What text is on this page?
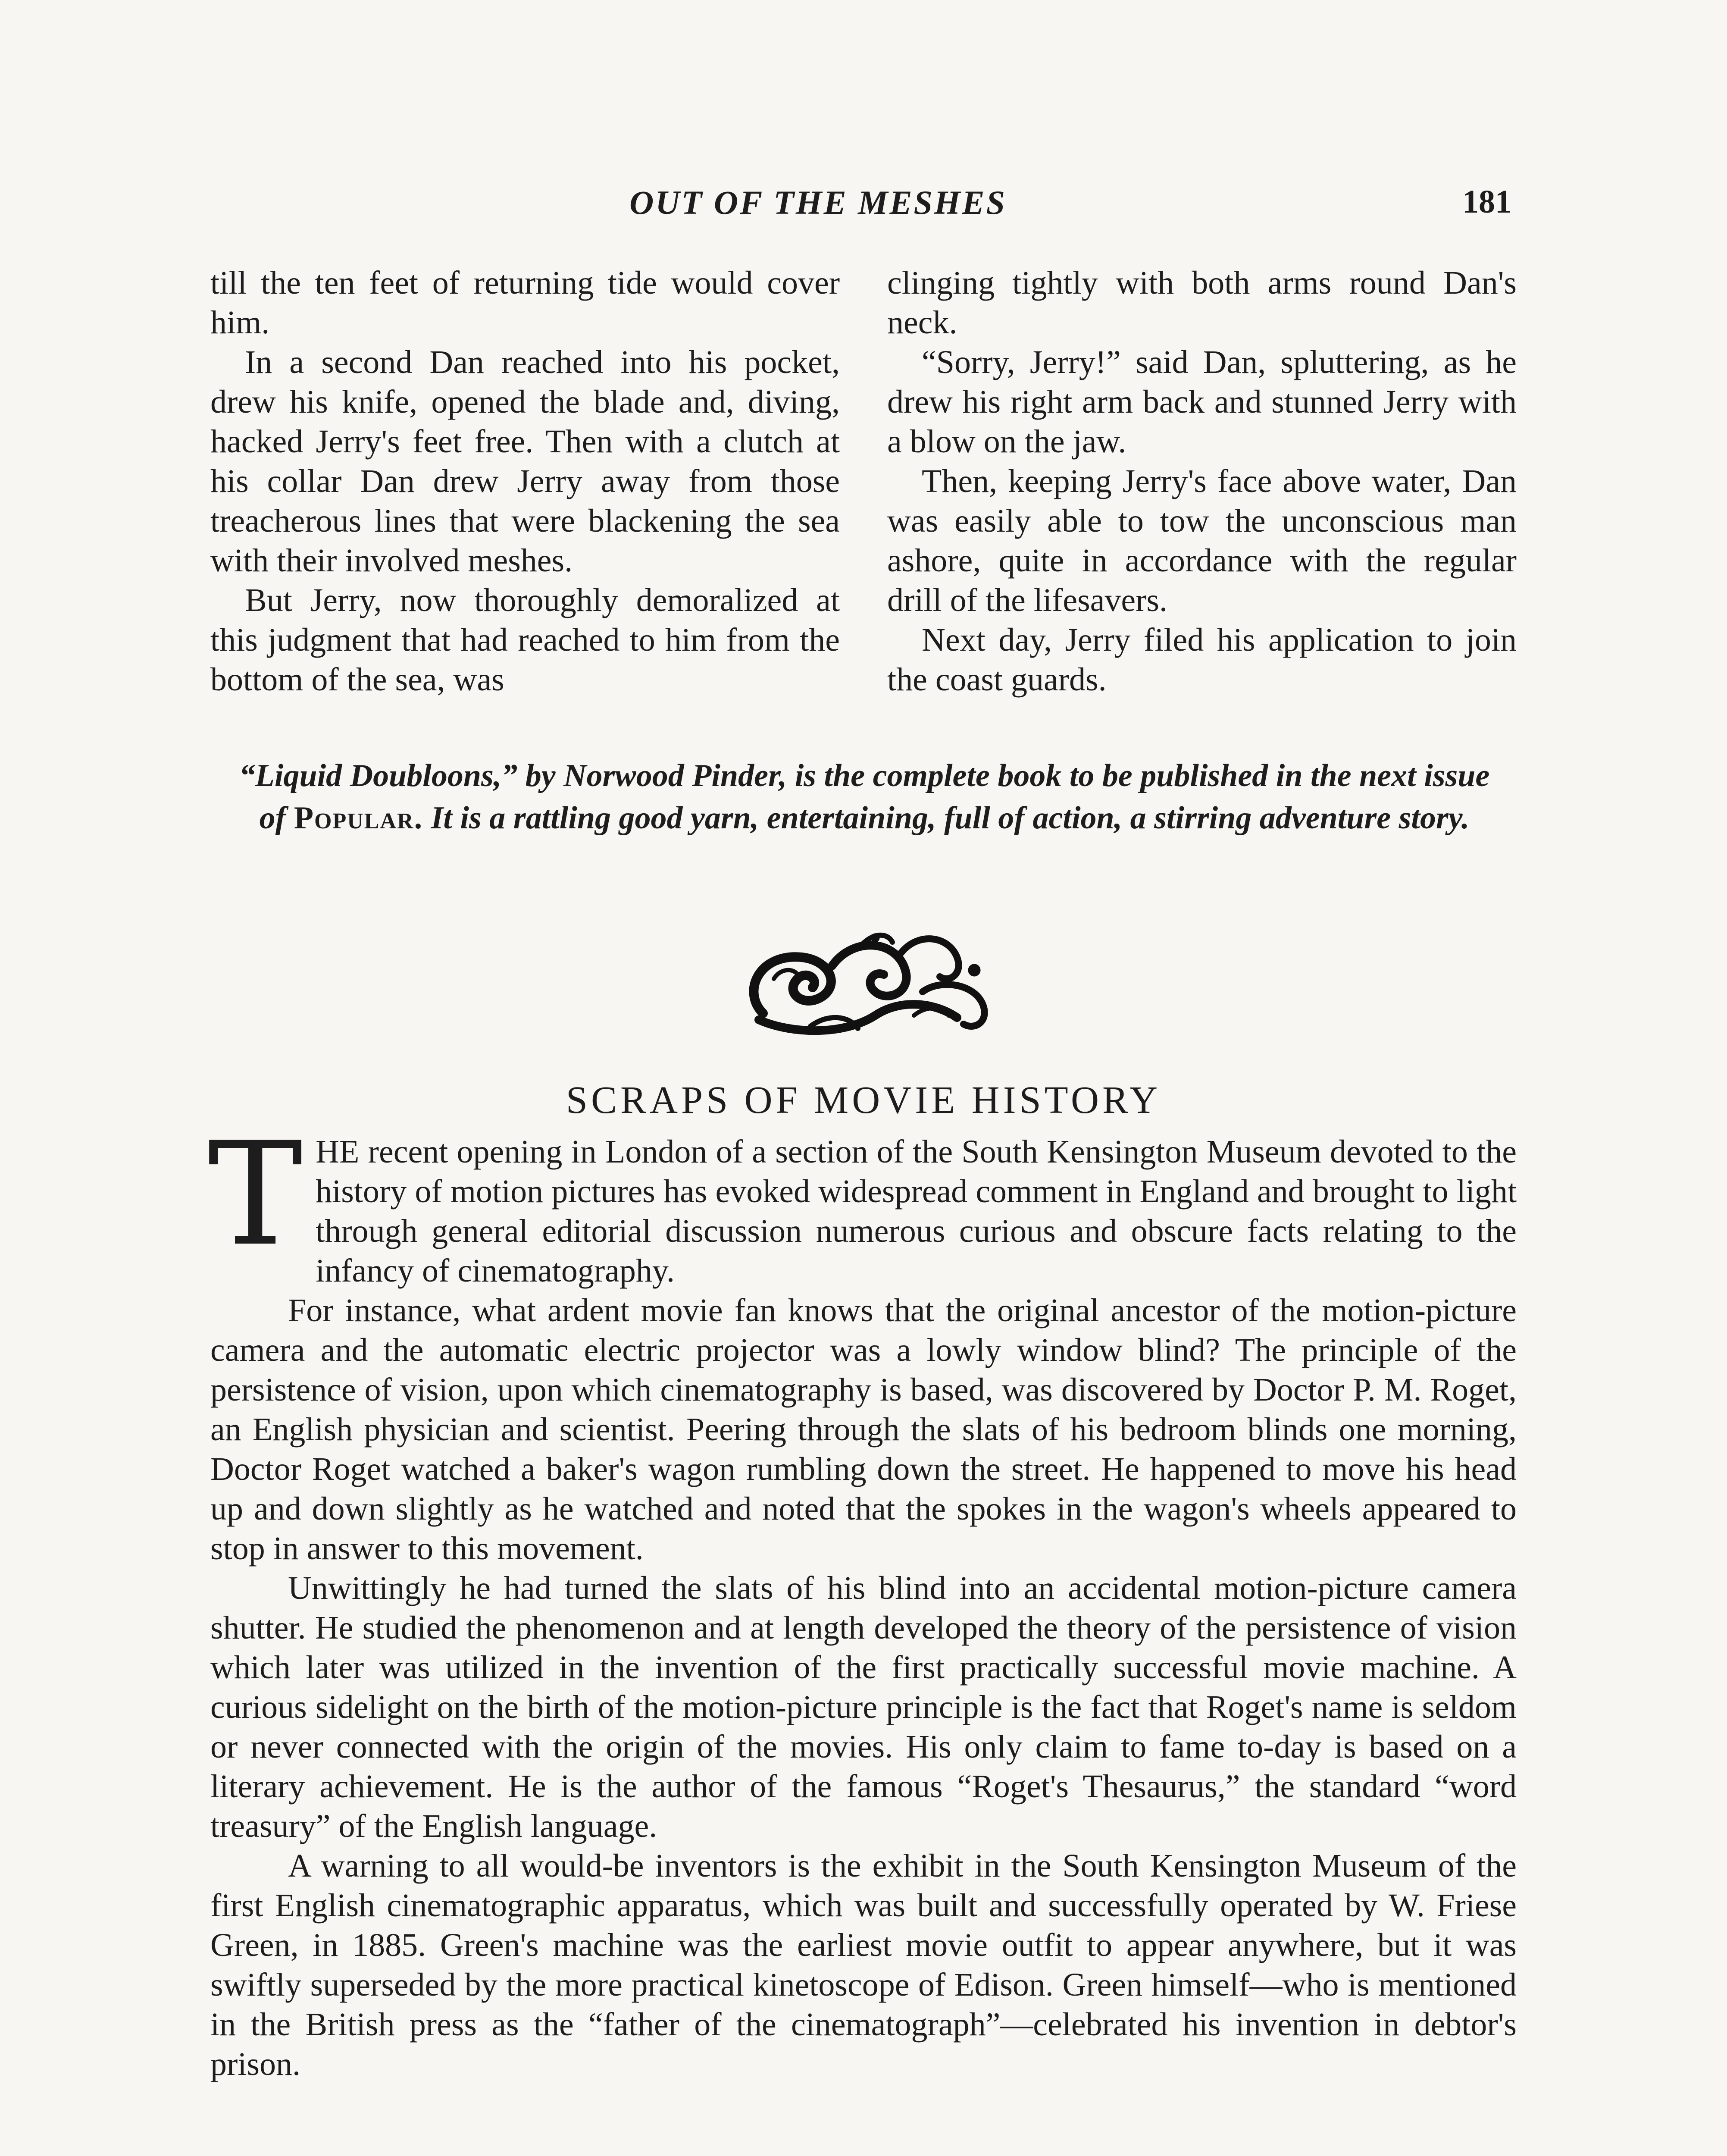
OUT OF THE MESHES	181

till the ten feet of returning tide would cover him.

In a second Dan reached into his pocket, drew his knife, opened the blade and, diving, hacked Jerry's feet free. Then with a clutch at his collar Dan drew Jerry away from those treacherous lines that were blackening the sea with their involved meshes.

But Jerry, now thoroughly demoralized at this judgment that had reached to him from the bottom of the sea, was

clinging tightly with both arms round Dan's neck.

“Sorry, Jerry!” said Dan, spluttering, as he drew his right arm back and stunned Jerry with a blow on the jaw.

Then, keeping Jerry's face above water, Dan was easily able to tow the unconscious man ashore, quite in accordance with the regular drill of the lifesavers.

Next day, Jerry filed his application to join the coast guards.

“Liquid Doubloons,” by Norwood Pinder, is the complete book to be published in the next issue of Popular. It is a rattling good yarn, entertaining, full of action, a stirring adventure story.

SCRAPS OF MOVIE HISTORY

THE recent opening in London of a section of the South Kensington Museum devoted to the history of motion pictures has evoked widespread comment in England and brought to light through general editorial discussion numerous curious and obscure facts relating to the infancy of cinematography.

For instance, what ardent movie fan knows that the original ancestor of the motion-picture camera and the automatic electric projector was a lowly window blind? The principle of the persistence of vision, upon which cinematography is based, was discovered by Doctor P. M. Roget, an English physician and scientist. Peering through the slats of his bedroom blinds one morning, Doctor Roget watched a baker's wagon rumbling down the street. He happened to move his head up and down slightly as he watched and noted that the spokes in the wagon's wheels appeared to stop in answer to this movement.

Unwittingly he had turned the slats of his blind into an accidental motion-picture camera shutter. He studied the phenomenon and at length developed the theory of the persistence of vision which later was utilized in the invention of the first practically successful movie machine. A curious sidelight on the birth of the motion-picture principle is the fact that Roget's name is seldom or never connected with the origin of the movies. His only claim to fame to-day is based on a literary achievement. He is the author of the famous “Roget's Thesaurus,” the standard “word treasury” of the English language.

A warning to all would-be inventors is the exhibit in the South Kensington Museum of the first English cinematographic apparatus, which was built and successfully operated by W. Friese Green, in 1885. Green's machine was the earliest movie outfit to appear anywhere, but it was swiftly superseded by the more practical kinetoscope of Edison. Green himself—who is mentioned in the British press as the “father of the cinematograph”—celebrated his invention in debtor's prison.
